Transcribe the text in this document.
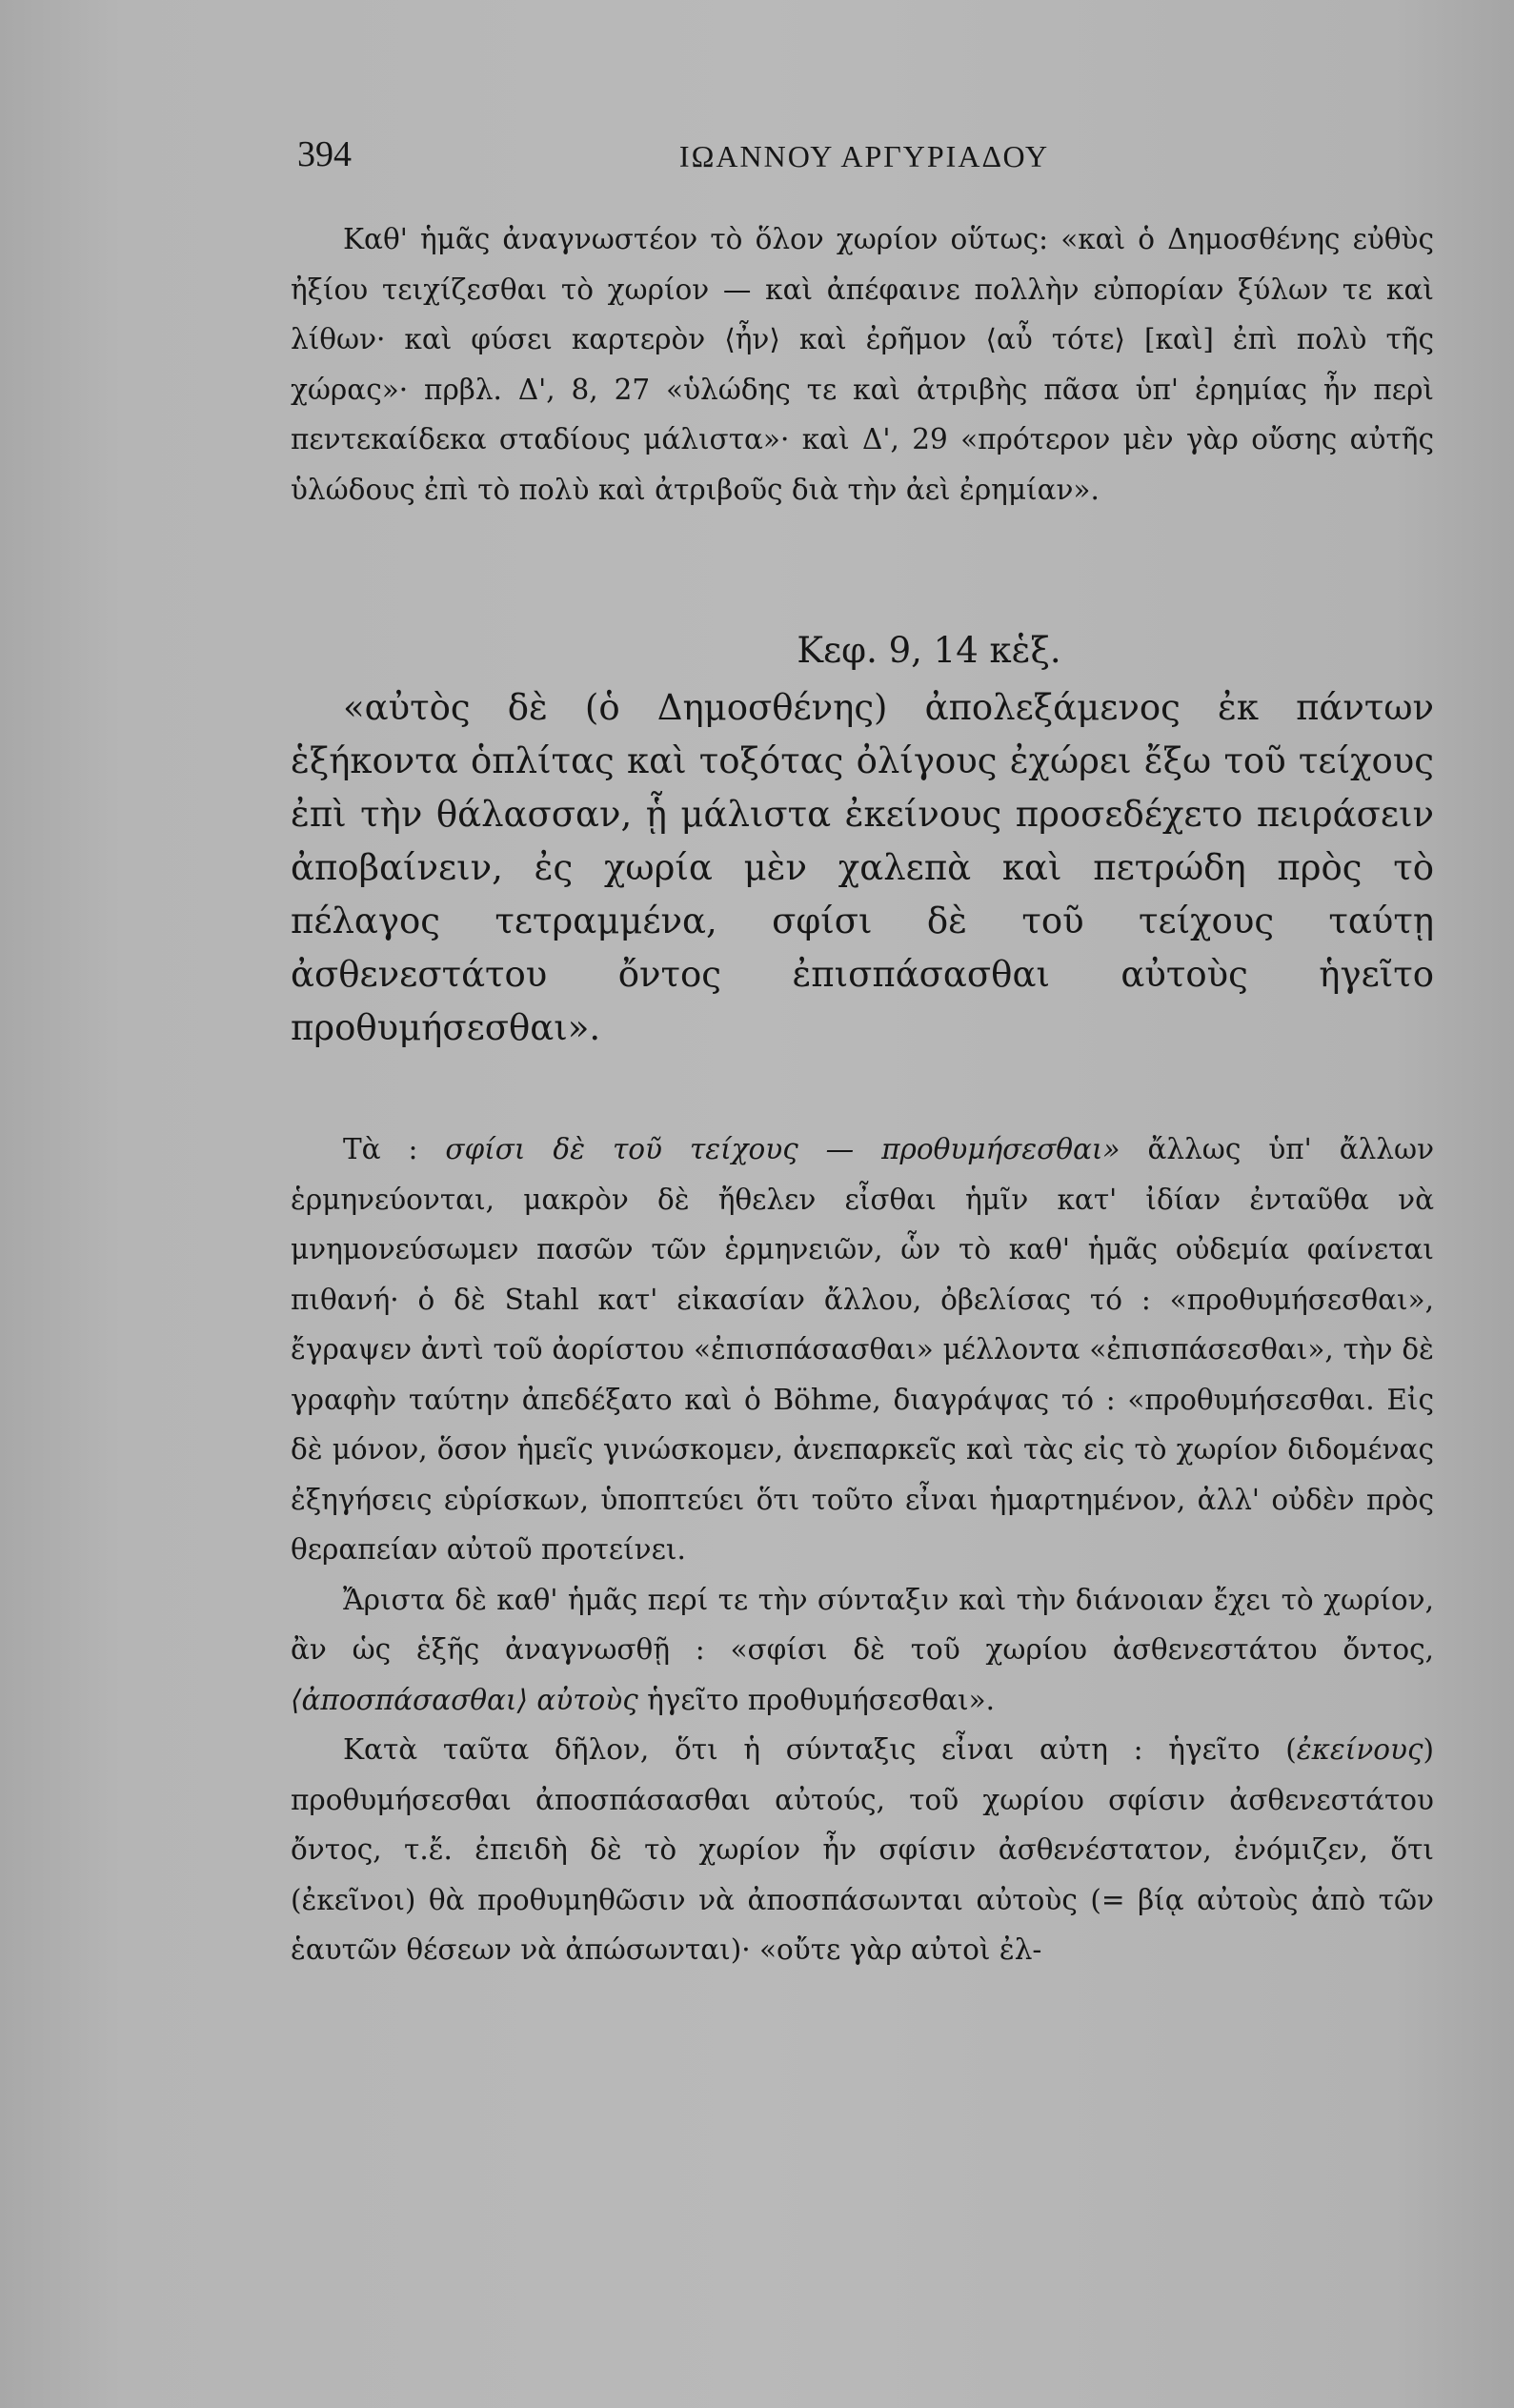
394	ΙΩΑΝΝΟΥ ΑΡΓΥΡΙΑΔΟΥ

Καθ' ἡμᾶς ἀναγνωστέον τὸ ὅλον χωρίον οὕτως: «καὶ ὁ Δημοσθένης εὐθὺς ἠξίου τειχίζεσθαι τὸ χωρίον — καὶ ἀπέφαινε πολλὴν εὐπορίαν ξύλων τε καὶ λίθων· καὶ φύσει καρτερὸν ⟨ἦν⟩ καὶ ἐρῆμον ⟨αὖ τότε⟩ [καὶ] ἐπὶ πολὺ τῆς χώρας»· πρβλ. Δ', 8, 27 «ὑλώδης τε καὶ ἀτριβὴς πᾶσα ὑπ' ἐρημίας ἦν περὶ πεντεκαίδεκα σταδίους μάλιστα»· καὶ Δ', 29 «πρότερον μὲν γὰρ οὔσης αὐτῆς ὑλώδους ἐπὶ τὸ πολὺ καὶ ἀτριβοῦς διὰ τὴν ἀεὶ ἐρημίαν».

Κεφ. 9, 14 κἑξ.

«αὐτὸς δὲ (ὁ Δημοσθένης) ἀπολεξάμενος ἐκ πάντων ἑξήκοντα ὁπλίτας καὶ τοξότας ὀλίγους ἐχώρει ἔξω τοῦ τείχους ἐπὶ τὴν θάλασσαν, ᾗ μάλιστα ἐκείνους προσεδέχετο πειράσειν ἀποβαίνειν, ἐς χωρία μὲν χαλεπὰ καὶ πετρώδη πρὸς τὸ πέλαγος τετραμμένα, σφίσι δὲ τοῦ τείχους ταύτῃ ἀσθενεστάτου ὄντος ἐπισπάσασθαι αὐτοὺς ἡγεῖτο προθυμήσεσθαι».

Τὰ : σφίσι δὲ τοῦ τείχους — προθυμήσεσθαι» ἄλλως ὑπ' ἄλλων ἑρμηνεύονται, μακρὸν δὲ ἤθελεν εἶσθαι ἡμῖν κατ' ἰδίαν ἐνταῦθα νὰ μνημονεύσωμεν πασῶν τῶν ἑρμηνειῶν, ὧν τὸ καθ' ἡμᾶς οὐδεμία φαίνεται πιθανή· ὁ δὲ Stahl κατ' εἰκασίαν ἄλλου, ὀβελίσας τό : «προθυμήσεσθαι», ἔγραψεν ἀντὶ τοῦ ἀορίστου «ἐπισπάσασθαι» μέλλοντα «ἐπισπάσεσθαι», τὴν δὲ γραφὴν ταύτην ἀπεδέξατο καὶ ὁ Böhme, διαγράψας τό : «προθυμήσεσθαι. Εἰς δὲ μόνον, ὅσον ἡμεῖς γινώσκομεν, ἀνεπαρκεῖς καὶ τὰς εἰς τὸ χωρίον διδομένας ἐξηγήσεις εὑρίσκων, ὑποπτεύει ὅτι τοῦτο εἶναι ἡμαρτημένον, ἀλλ' οὐδὲν πρὸς θεραπείαν αὐτοῦ προτείνει.

Ἄριστα δὲ καθ' ἡμᾶς περί τε τὴν σύνταξιν καὶ τὴν διάνοιαν ἔχει τὸ χωρίον, ἂν ὡς ἑξῆς ἀναγνωσθῇ : «σφίσι δὲ τοῦ χωρίου ἀσθενεστάτου ὄντος, ⟨ἀποσπάσασθαι⟩ αὐτοὺς ἡγεῖτο προθυμήσεσθαι».

Κατὰ ταῦτα δῆλον, ὅτι ἡ σύνταξις εἶναι αὐτη : ἡγεῖτο (ἐκείνους) προθυμήσεσθαι ἀποσπάσασθαι αὐτούς, τοῦ χωρίου σφίσιν ἀσθενεστάτου ὄντος, τ.ἔ. ἐπειδὴ δὲ τὸ χωρίον ἦν σφίσιν ἀσθενέστατον, ἐνόμιζεν, ὅτι (ἐκεῖνοι) θὰ προθυμηθῶσιν νὰ ἀποσπάσωνται αὐτοὺς (= βίᾳ αὐτοὺς ἀπὸ τῶν ἑαυτῶν θέσεων νὰ ἀπώσωνται)· «οὔτε γὰρ αὐτοὶ ἐλ-
